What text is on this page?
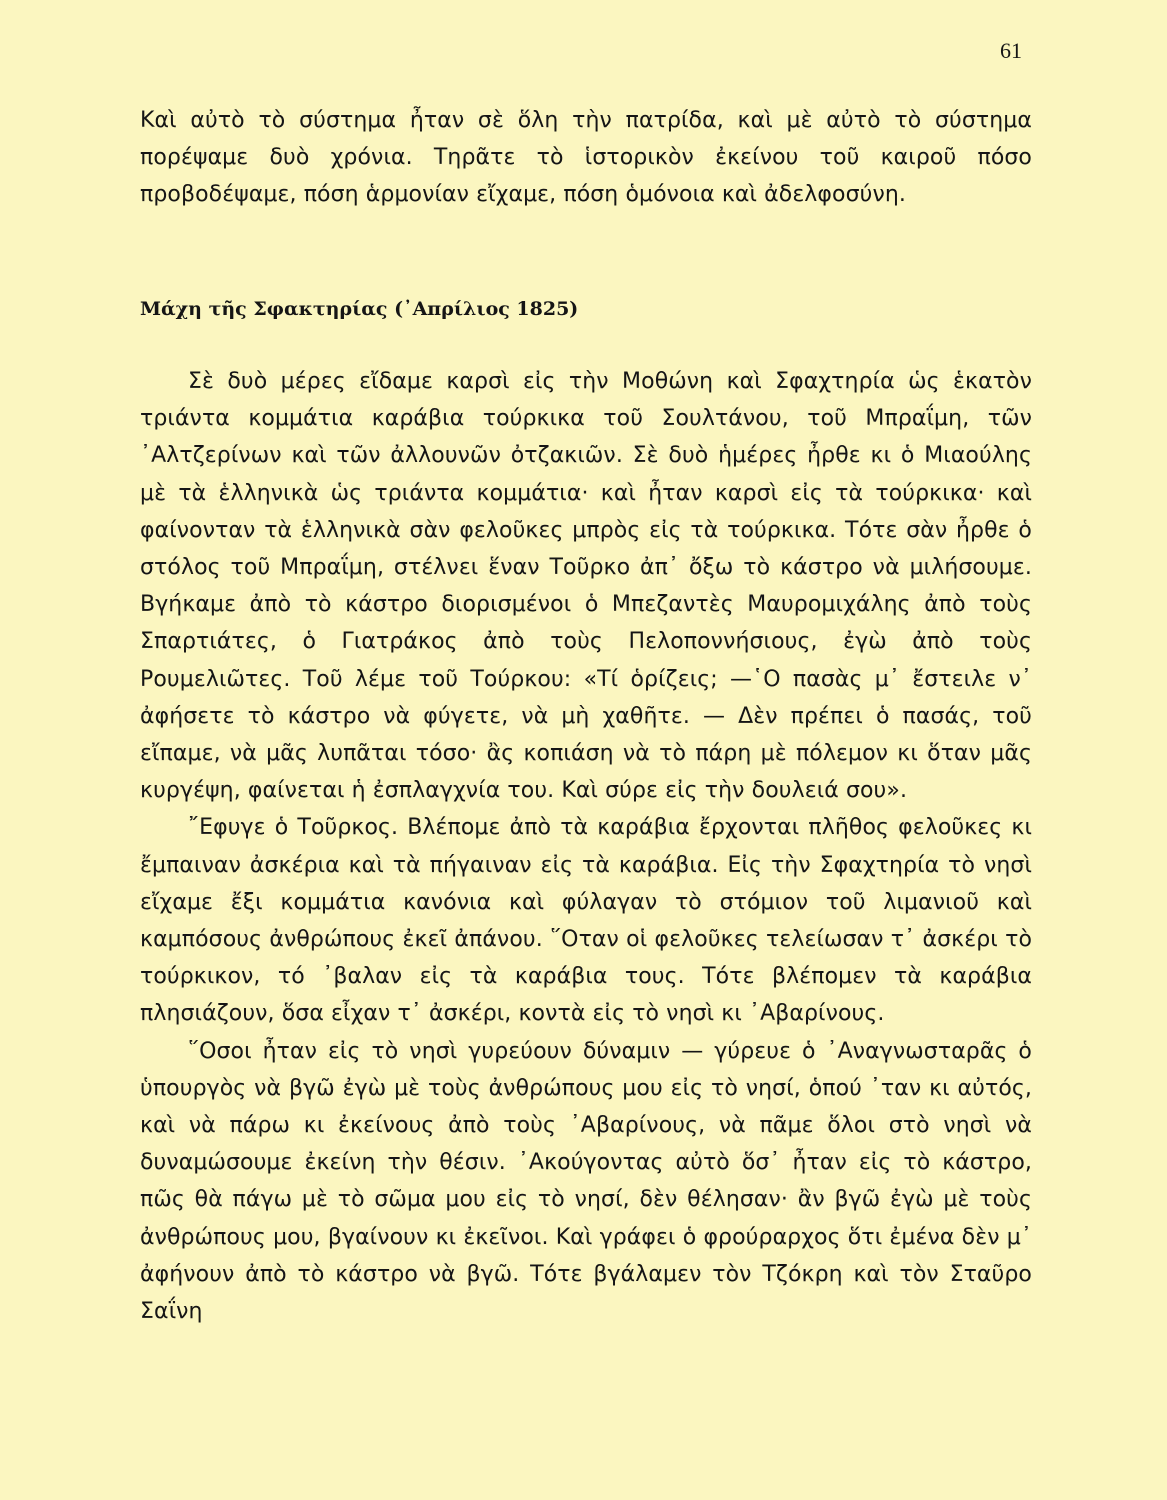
61

Καὶ αὐτὸ τὸ σύστημα ἦταν σὲ ὅλη τὴν πατρίδα, καὶ μὲ αὐτὸ τὸ σύστημα πορέψαμε δυὸ χρόνια. Τηρᾶτε τὸ ἱστορικὸν ἐκείνου τοῦ καιροῦ πόσο προβοδέψαμε, πόση ἁρμονίαν εἴχαμε, πόση ὁμόνοια καὶ ἀδελφοσύνη.

Μάχη τῆς Σφακτηρίας (᾿Απρίλιος 1825)

Σὲ δυὸ μέρες εἴδαμε καρσὶ εἰς τὴν Μοθώνη καὶ Σφαχτηρία ὡς ἑκατὸν τριάντα κομμάτια καράβια τούρκικα τοῦ Σουλτάνου, τοῦ Μπραΐμη, τῶν ᾿Αλτζερίνων καὶ τῶν ἀλλουνῶν ὀτζακιῶν. Σὲ δυὸ ἡμέρες ἦρθε κι ὁ Μιαούλης μὲ τὰ ἑλληνικὰ ὡς τριάντα κομμάτια· καὶ ἦταν καρσὶ εἰς τὰ τούρκικα· καὶ φαίνονταν τὰ ἑλληνικὰ σὰν φελοῦκες μπρὸς εἰς τὰ τούρκικα. Τότε σὰν ἦρθε ὁ στόλος τοῦ Μπραΐμη, στέλνει ἕναν Τοῦρκο ἀπ᾿ ὄξω τὸ κάστρο νὰ μιλήσουμε. Βγήκαμε ἀπὸ τὸ κάστρο διορισμένοι ὁ Μπεζαντὲς Μαυρομιχάλης ἀπὸ τοὺς Σπαρτιάτες, ὁ Γιατράκος ἀπὸ τοὺς Πελοποννήσιους, ἐγὼ ἀπὸ τοὺς Ρουμελιῶτες. Τοῦ λέμε τοῦ Τούρκου: «Τί ὁρίζεις; —῾Ο πασὰς μ᾿ ἔστειλε ν᾿ ἀφήσετε τὸ κάστρο νὰ φύγετε, νὰ μὴ χαθῆτε. — Δὲν πρέπει ὁ πασάς, τοῦ εἴπαμε, νὰ μᾶς λυπᾶται τόσο· ἂς κοπιάση νὰ τὸ πάρη μὲ πόλεμον κι ὅταν μᾶς κυργέψη, φαίνεται ἡ ἐσπλαγχνία του. Καὶ σύρε εἰς τὴν δουλειά σου».

῎Εφυγε ὁ Τοῦρκος. Βλέπομε ἀπὸ τὰ καράβια ἔρχονται πλῆθος φελοῦκες κι ἔμπαιναν ἀσκέρια καὶ τὰ πήγαιναν εἰς τὰ καράβια. Εἰς τὴν Σφαχτηρία τὸ νησὶ εἴχαμε ἔξι κομμάτια κανόνια καὶ φύλαγαν τὸ στόμιον τοῦ λιμανιοῦ καὶ καμπόσους ἀνθρώπους ἐκεῖ ἀπάνου. ῞Οταν οἱ φελοῦκες τελείωσαν τ᾿ ἀσκέρι τὸ τούρκικον, τό ᾿βαλαν εἰς τὰ καράβια τους. Τότε βλέπομεν τὰ καράβια πλησιάζουν, ὅσα εἶχαν τ᾿ ἀσκέρι, κοντὰ εἰς τὸ νησὶ κι ᾿Αβαρίνους.

῞Οσοι ἦταν εἰς τὸ νησὶ γυρεύουν δύναμιν — γύρευε ὁ ᾿Αναγνωσταρᾶς ὁ ὑπουργὸς νὰ βγῶ ἐγὼ μὲ τοὺς ἀνθρώπους μου εἰς τὸ νησί, ὁπού ᾿ταν κι αὐτός, καὶ νὰ πάρω κι ἐκείνους ἀπὸ τοὺς ᾿Αβαρίνους, νὰ πᾶμε ὅλοι στὸ νησὶ νὰ δυναμώσουμε ἐκείνη τὴν θέσιν. ᾿Ακούγοντας αὐτὸ ὅσ᾿ ἦταν εἰς τὸ κάστρο, πῶς θὰ πάγω μὲ τὸ σῶμα μου εἰς τὸ νησί, δὲν θέλησαν· ἂν βγῶ ἐγὼ μὲ τοὺς ἀνθρώπους μου, βγαίνουν κι ἐκεῖνοι. Καὶ γράφει ὁ φρούραρχος ὅτι ἐμένα δὲν μ᾿ ἀφήνουν ἀπὸ τὸ κάστρο νὰ βγῶ. Τότε βγάλαμεν τὸν Τζόκρη καὶ τὸν Σταῦρο Σαΐνη
